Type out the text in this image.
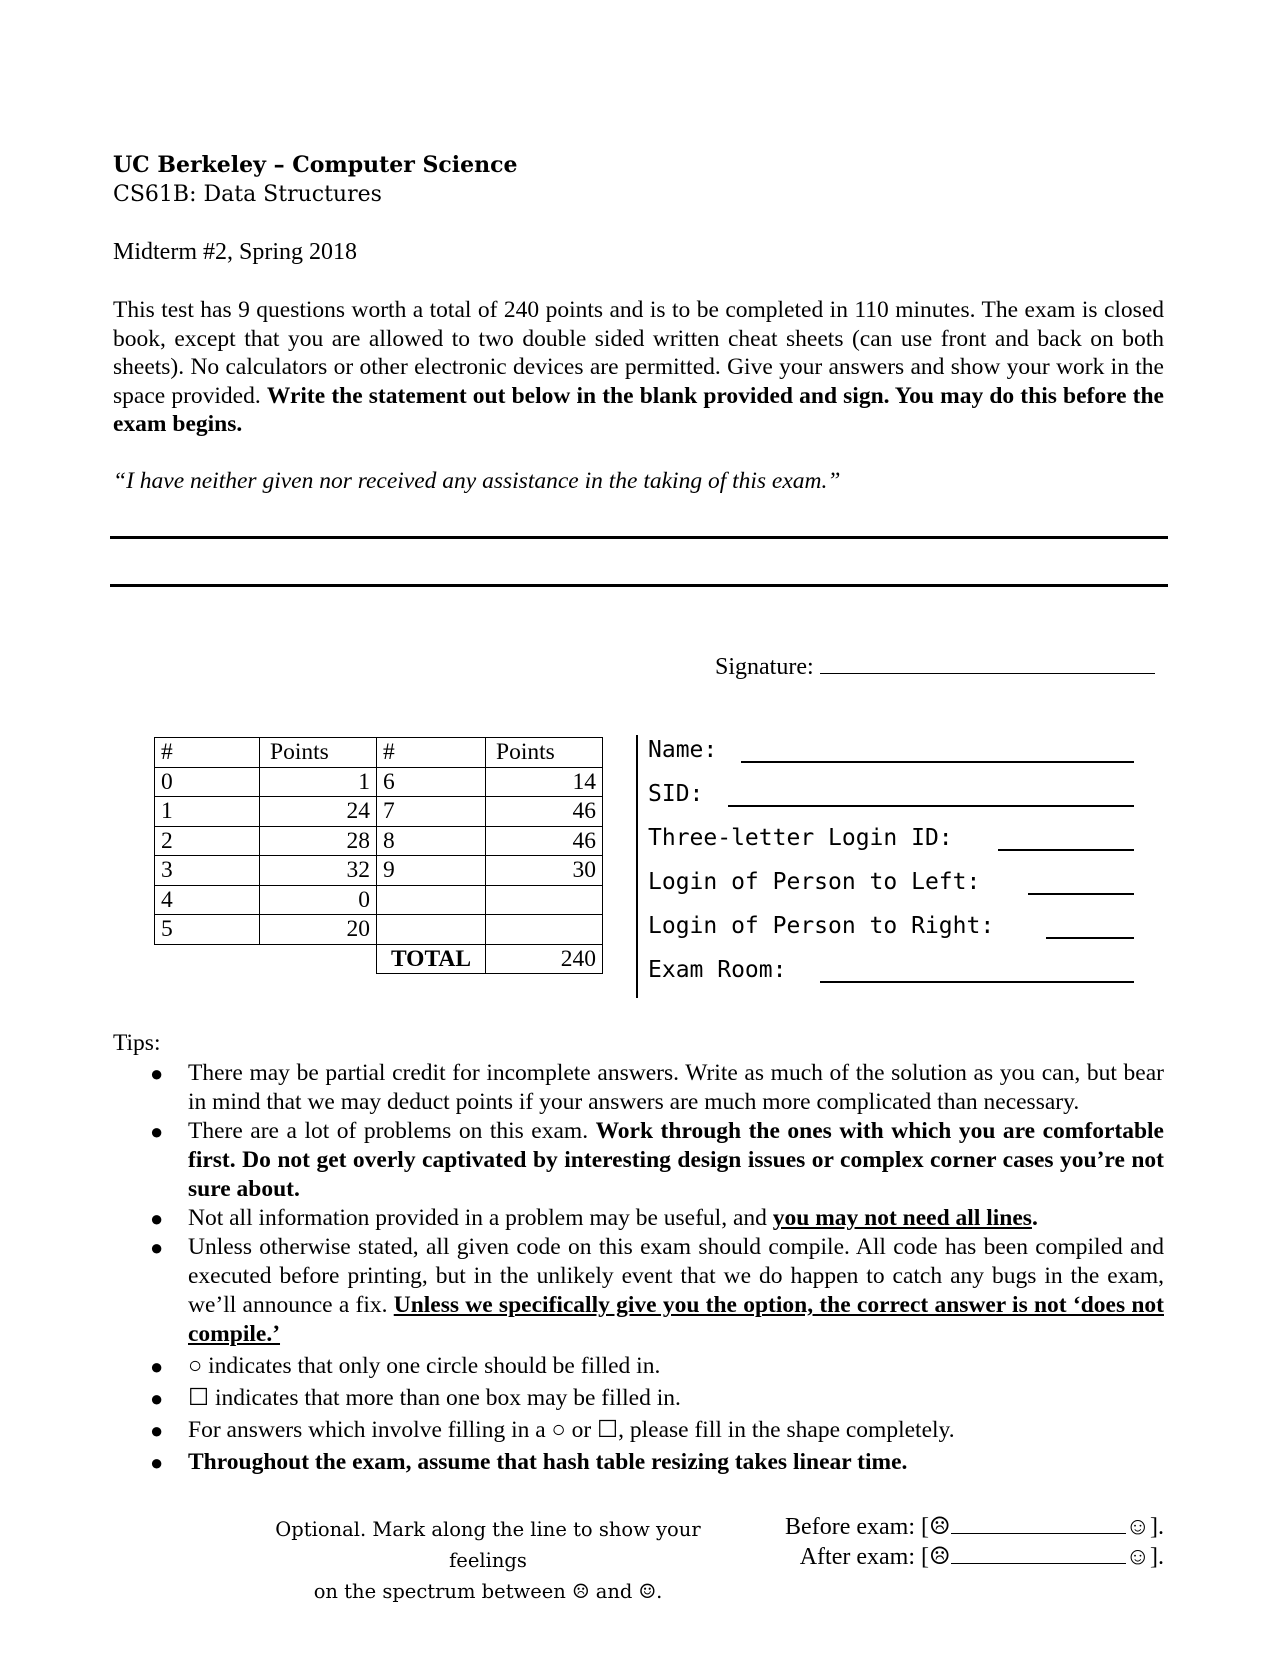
UC Berkeley – Computer Science
CS61B: Data Structures
Midterm #2, Spring 2018
This test has 9 questions worth a total of 240 points and is to be completed in 110 minutes. The exam is closed book, except that you are allowed to two double sided written cheat sheets (can use front and back on both sheets). No calculators or other electronic devices are permitted. Give your answers and show your work in the space provided. Write the statement out below in the blank provided and sign. You may do this before the exam begins.
“I have neither given nor received any assistance in the taking of this exam.”
Signature:
#	Points	#	Points
0	1	6	14
1	24	7	46
2	28	8	46
3	32	9	30
4	0		
5	20		
		TOTAL	240
Name:
SID:
Three-letter Login ID:
Login of Person to Left:
Login of Person to Right:
Exam Room:
Tips:
● There may be partial credit for incomplete answers. Write as much of the solution as you can, but bear in mind that we may deduct points if your answers are much more complicated than necessary.
● There are a lot of problems on this exam. Work through the ones with which you are comfortable first. Do not get overly captivated by interesting design issues or complex corner cases you’re not sure about.
● Not all information provided in a problem may be useful, and you may not need all lines.
● Unless otherwise stated, all given code on this exam should compile. All code has been compiled and executed before printing, but in the unlikely event that we do happen to catch any bugs in the exam, we’ll announce a fix. Unless we specifically give you the option, the correct answer is not ‘does not compile.’
● ○ indicates that only one circle should be filled in.
● ☐ indicates that more than one box may be filled in.
● For answers which involve filling in a ○ or ☐, please fill in the shape completely.
● Throughout the exam, assume that hash table resizing takes linear time.
Optional. Mark along the line to show your feelings
on the spectrum between ☹ and ☺.
Before exam: [☹	☺].
After exam: [☹	☺].
